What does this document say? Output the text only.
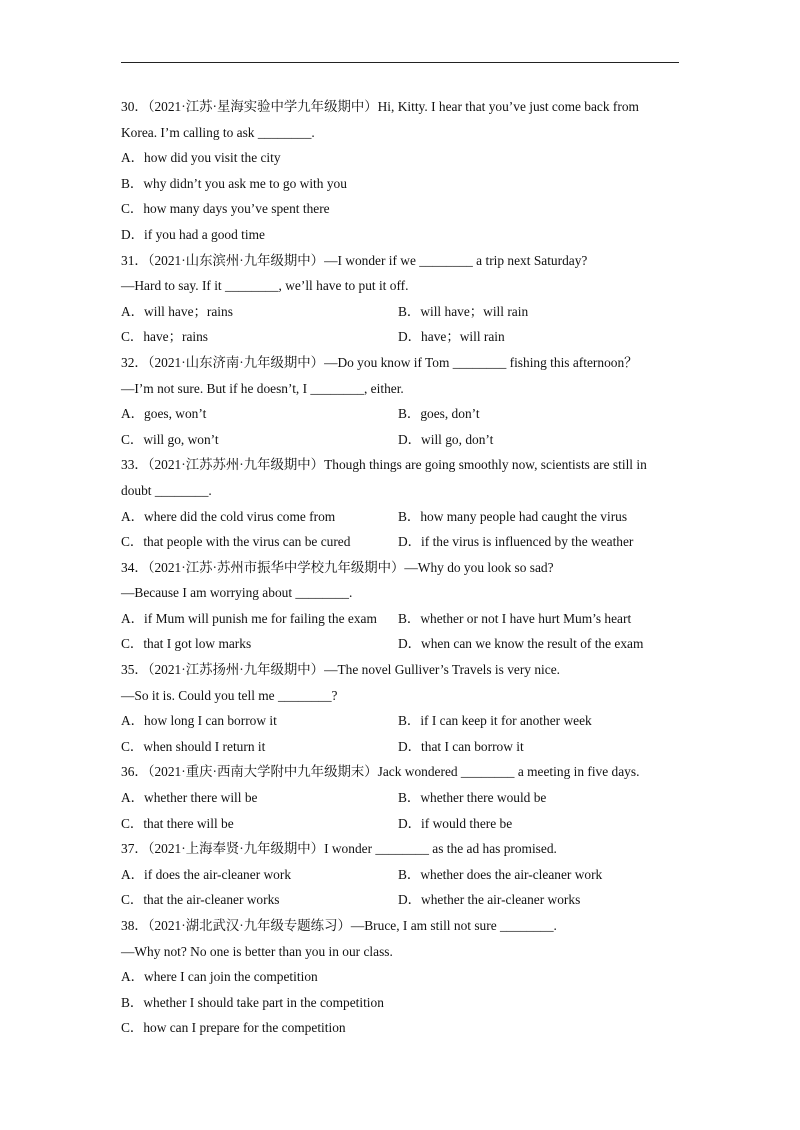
30．（2021·江苏·星海实验中学九年级期中）Hi, Kitty. I hear that you’ve just come back from
Korea. I’m calling to ask ________.
A．how did you visit the city
B．why didn’t you ask me to go with you
C．how many days you’ve spent there
D．if you had a good time
31．（2021·山东滨州·九年级期中）—I wonder if we ________ a trip next Saturday?
—Hard to say. If it ________, we’ll have to put it off.
A．will have；rains	B．will have；will rain
C．have；rains	D．have；will rain
32．（2021·山东济南·九年级期中）—Do you know if Tom ________ fishing this afternoon？
—I’m not sure. But if he doesn’t, I ________, either.
A．goes, won’t	B．goes, don’t
C．will go, won’t	D．will go, don’t
33．（2021·江苏苏州·九年级期中）Though things are going smoothly now, scientists are still in
doubt ________.
A．where did the cold virus come from	B．how many people had caught the virus
C．that people with the virus can be cured	D．if the virus is influenced by the weather
34．（2021·江苏·苏州市振华中学校九年级期中）—Why do you look so sad?
—Because I am worrying about ________.
A．if Mum will punish me for failing the exam	B．whether or not I have hurt Mum’s heart
C．that I got low marks	D．when can we know the result of the exam
35．（2021·江苏扬州·九年级期中）—The novel Gulliver’s Travels is very nice.
—So it is. Could you tell me ________?
A．how long I can borrow it	B．if I can keep it for another week
C．when should I return it	D．that I can borrow it
36．（2021·重庆·西南大学附中九年级期末）Jack wondered ________ a meeting in five days.
A．whether there will be	B．whether there would be
C．that there will be	D．if would there be
37．（2021·上海奉贤·九年级期中）I wonder ________ as the ad has promised.
A．if does the air-cleaner work	B．whether does the air-cleaner work
C．that the air-cleaner works	D．whether the air-cleaner works
38．（2021·湖北武汉·九年级专题练习）—Bruce, I am still not sure ________.
—Why not? No one is better than you in our class.
A．where I can join the competition
B．whether I should take part in the competition
C．how can I prepare for the competition
